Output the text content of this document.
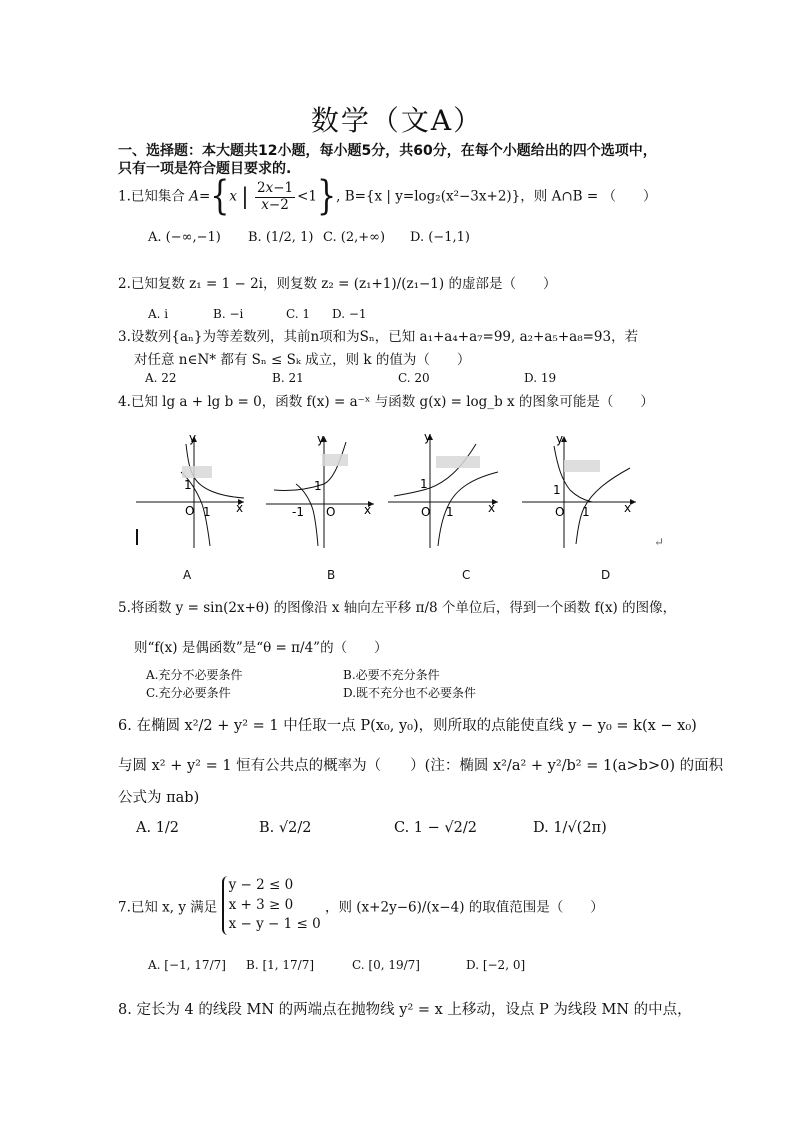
数学（文A）
一、选择题：本大题共12小题，每小题5分，共60分，在每个小题给出的四个选项中，
只有一项是符合题目要求的.
1.已知集合 A={x | $\frac{2x-1}{x-2} <1$}, B={x | y=log₂(x²−3x+2)}，则 A∩B = （　　）
A. (−∞,−1) B. (1/2, 1) C. (2,+∞) D. (−1,1)
2.已知复数 z₁ = 1 − 2i，则复数 z₂ = (z₁+1)/(z₁−1) 的虚部是（　　）
A. i	B. −i	C. 1 D. −1
3.设数列{aₙ}为等差数列，其前n项和为Sₙ，已知 a₁+a₄+a₇=99, a₂+a₅+a₈=93，若
对任意 n∈N* 都有 Sₙ ≤ Sₖ 成立，则 k 的值为（　　）
A. 22	B. 21	C. 20	D. 19
4.已知 lg a + lg b = 0，函数 f(x) = a⁻ˣ 与函数 g(x) = log_b x 的图象可能是（　　）
y
x
O
1
1
A
y
x
O
1
-1
B
y
x
O
1
1
C
y
x
O
1
1
D
↵
5.将函数 y = sin(2x+θ) 的图像沿 x 轴向左平移 π/8 个单位后，得到一个函数 f(x) 的图像，
则“f(x) 是偶函数”是“θ = π/4”的（　　）
A.充分不必要条件	B.必要不充分条件
C.充分必要条件	D.既不充分也不必要条件
6. 在椭圆 x²/2 + y² = 1 中任取一点 P(x₀, y₀)，则所取的点能使直线 y − y₀ = k(x − x₀)
与圆 x² + y² = 1 恒有公共点的概率为（　　）(注：椭圆 x²/a² + y²/b² = 1(a>b>0) 的面积
公式为 πab)
A. 1/2	B. √2/2	C. 1 − √2/2	D. 1/√(2π)
7.已知 x, y 满足
y − 2 ≤ 0
x + 3 ≥ 0
x − y − 1 ≤ 0
，则 (x+2y−6)/(x−4) 的取值范围是（　　）
A. [−1, 17/7] B. [1, 17/7]	C. [0, 19/7]	D. [−2, 0]
8. 定长为 4 的线段 MN 的两端点在抛物线 y² = x 上移动，设点 P 为线段 MN 的中点，
